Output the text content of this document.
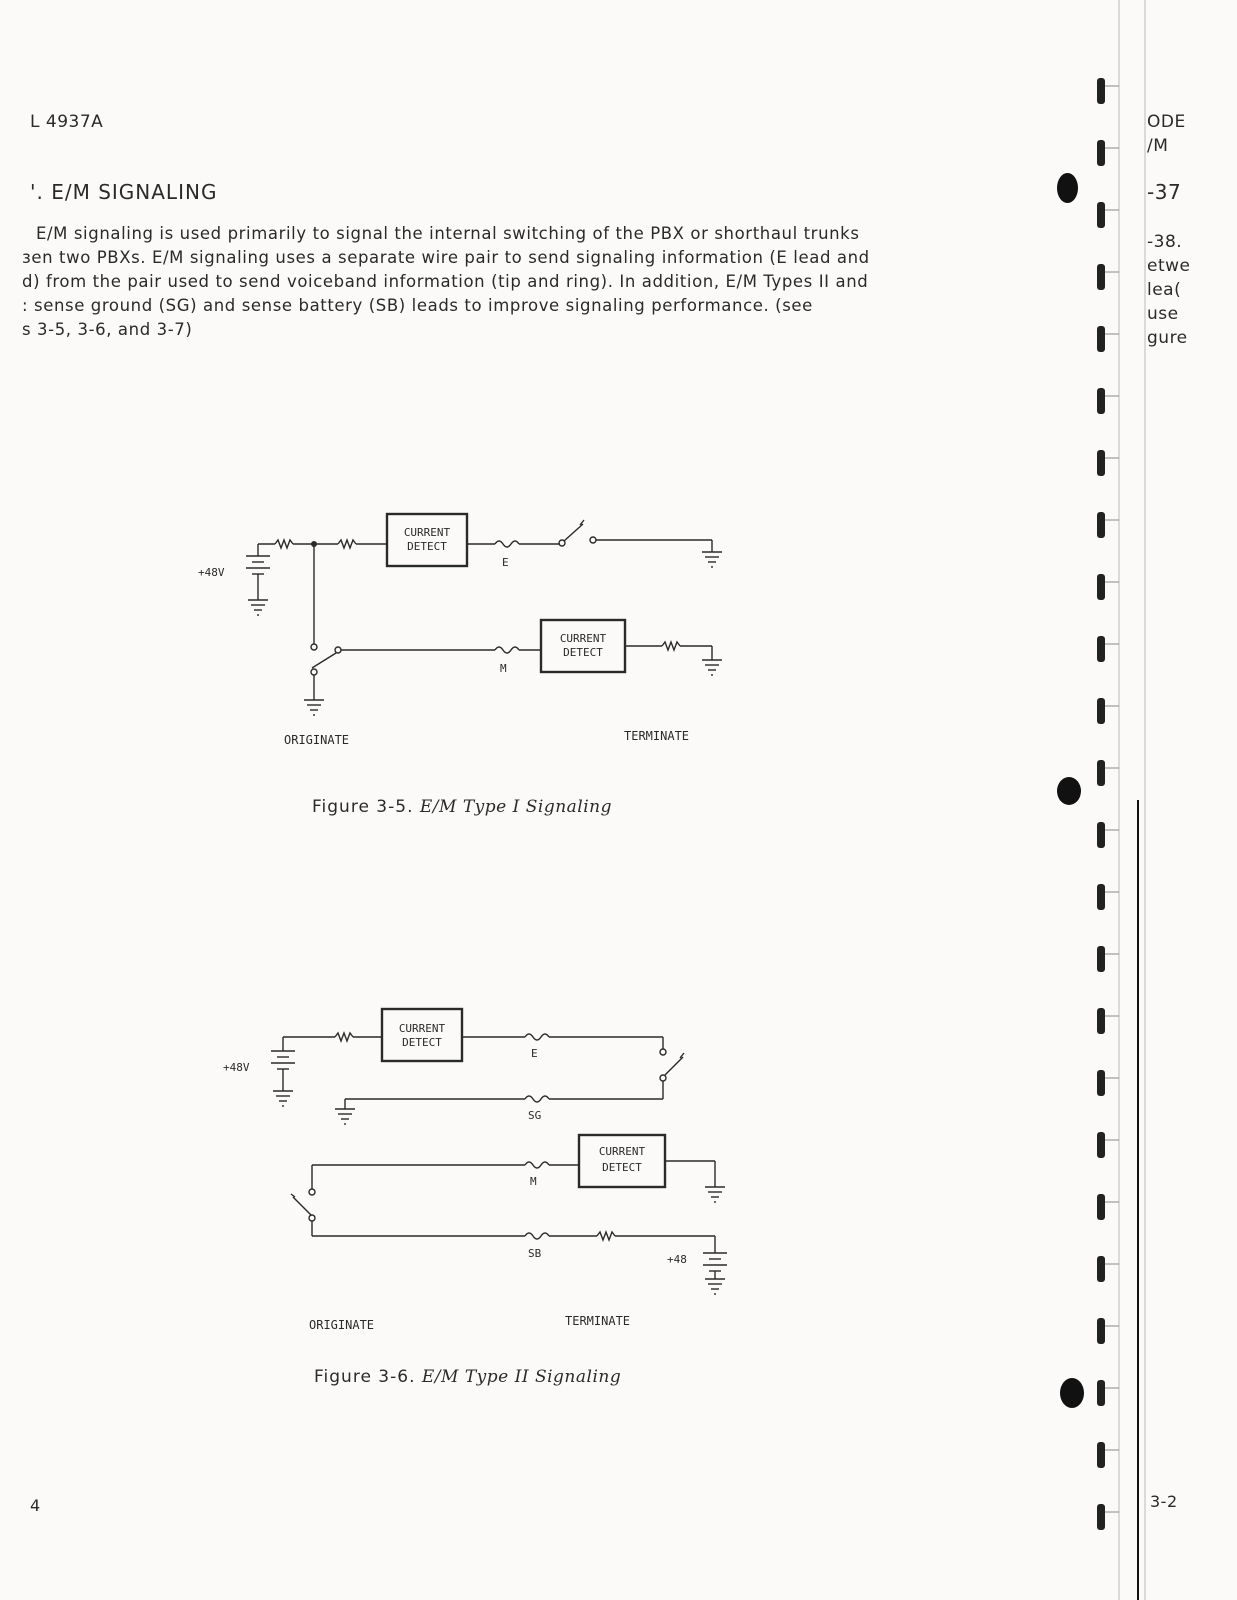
L 4937A
'. E/M SIGNALING

E/M signaling is used primarily to signal the internal switching of the PBX or shorthaul trunks

ɜen two PBXs. E/M signaling uses a separate wire pair to send signaling information (E lead and

d) from the pair used to send voiceband information (tip and ring). In addition, E/M Types II and

: sense ground (SG) and sense battery (SB) leads to improve signaling performance. (see

s 3-5, 3-6, and 3-7)

+48V
CURRENT
DETECT
E
CURRENT
DETECT
M
ORIGINATE	TERMINATE
Figure 3-5. E/M Type I Signaling
+48V
CURRENT
DETECT
E
SG
CURRENT
DETECT
M
SB	+48
ORIGINATE	TERMINATE
Figure 3-6. E/M Type II Signaling
4
ODE
/M
-37
-38.
etwe
lea(
use
gure
3-2
